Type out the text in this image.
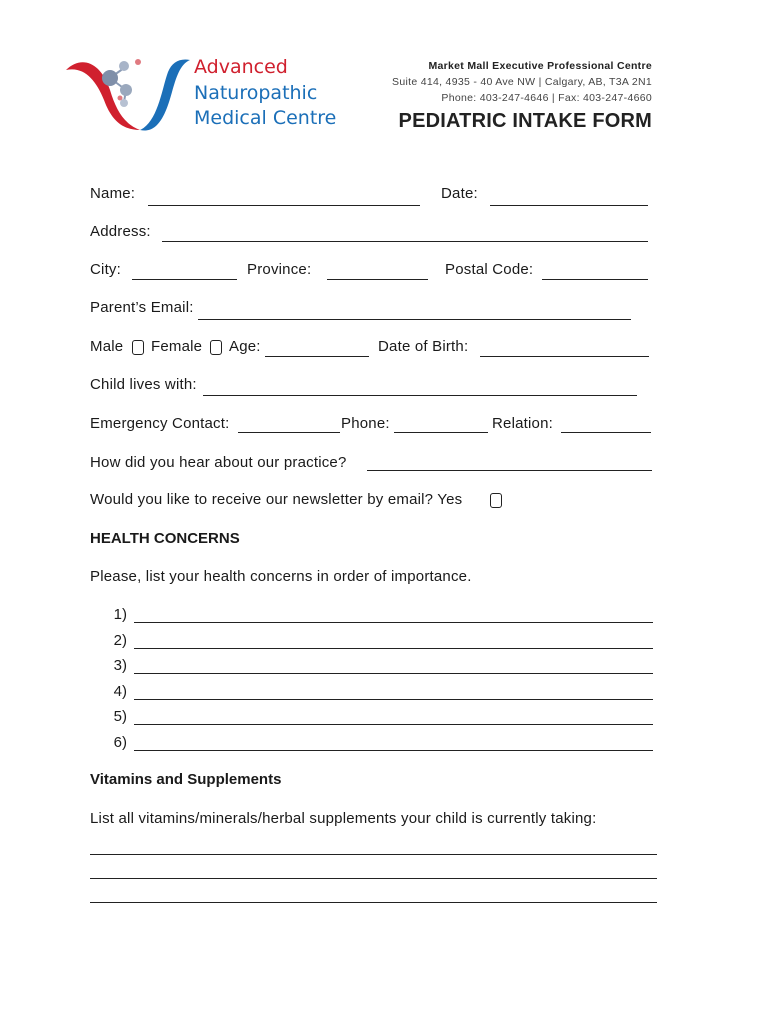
Advanced
Naturopathic
Medical Centre
Market Mall Executive Professional Centre
Suite 414, 4935 - 40 Ave NW | Calgary, AB, T3A 2N1
Phone: 403-247-4646 | Fax: 403-247-4660
PEDIATRIC INTAKE FORM
Name:	Date:
Address:
City:	Province:	Postal Code:
Parent’s Email:
Male Female Age:	Date of Birth:
Child lives with:
Emergency Contact:	Phone:	Relation:
How did you hear about our practice?
Would you like to receive our newsletter by email? Yes
HEALTH CONCERNS
Please, list your health concerns in order of importance.
1)
2)
3)
4)
5)
6)
Vitamins and Supplements
List all vitamins/minerals/herbal supplements your child is currently taking:
